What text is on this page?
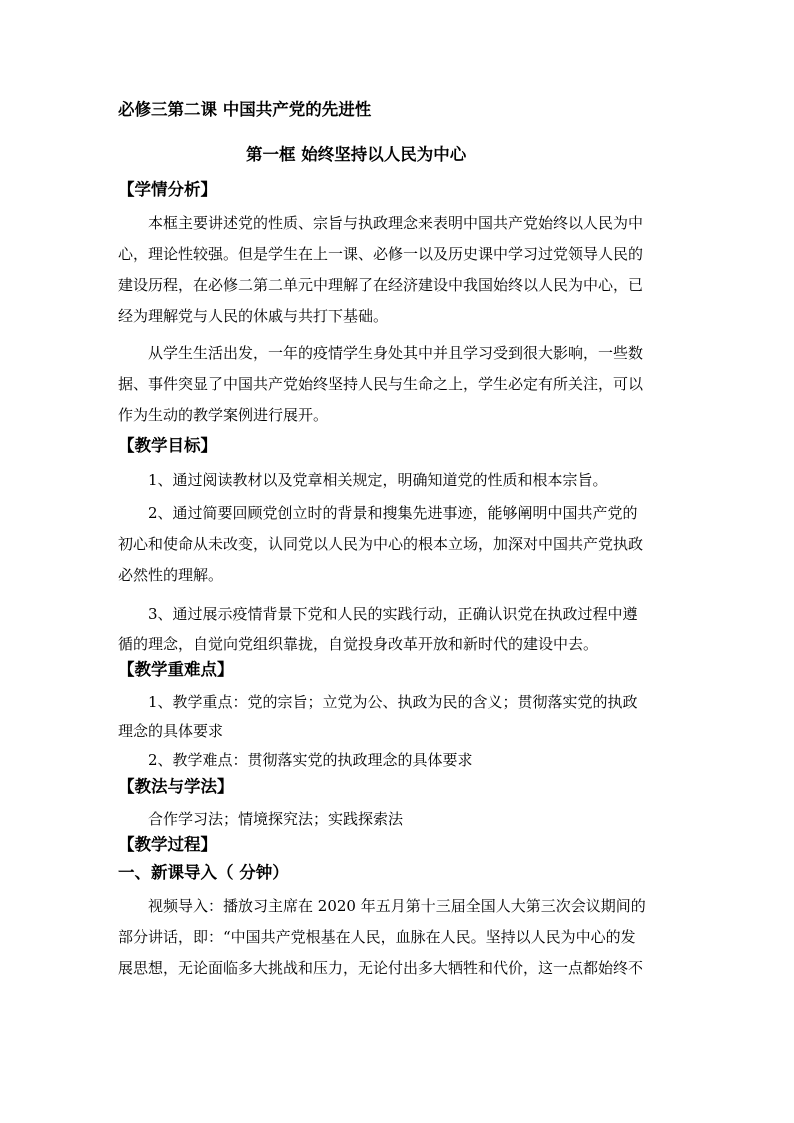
必修三第二课 中国共产党的先进性
第一框 始终坚持以人民为中心
【学情分析】
本框主要讲述党的性质、宗旨与执政理念来表明中国共产党始终以人民为中
心，理论性较强。但是学生在上一课、必修一以及历史课中学习过党领导人民的
建设历程，在必修二第二单元中理解了在经济建设中我国始终以人民为中心，已
经为理解党与人民的休戚与共打下基础。
从学生生活出发，一年的疫情学生身处其中并且学习受到很大影响，一些数
据、事件突显了中国共产党始终坚持人民与生命之上，学生必定有所关注，可以
作为生动的教学案例进行展开。
【教学目标】
1、通过阅读教材以及党章相关规定，明确知道党的性质和根本宗旨。
2、通过简要回顾党创立时的背景和搜集先进事迹，能够阐明中国共产党的
初心和使命从未改变，认同党以人民为中心的根本立场，加深对中国共产党执政
必然性的理解。
3、通过展示疫情背景下党和人民的实践行动，正确认识党在执政过程中遵
循的理念，自觉向党组织靠拢，自觉投身改革开放和新时代的建设中去。
【教学重难点】
1、教学重点：党的宗旨；立党为公、执政为民的含义；贯彻落实党的执政
理念的具体要求
2、教学难点：贯彻落实党的执政理念的具体要求
【教法与学法】
合作学习法；情境探究法；实践探索法
【教学过程】
一、新课导入（ 分钟）
视频导入：播放习主席在 2020 年五月第十三届全国人大第三次会议期间的
部分讲话，即：“中国共产党根基在人民，血脉在人民。坚持以人民为中心的发
展思想，无论面临多大挑战和压力，无论付出多大牺牲和代价，这一点都始终不
